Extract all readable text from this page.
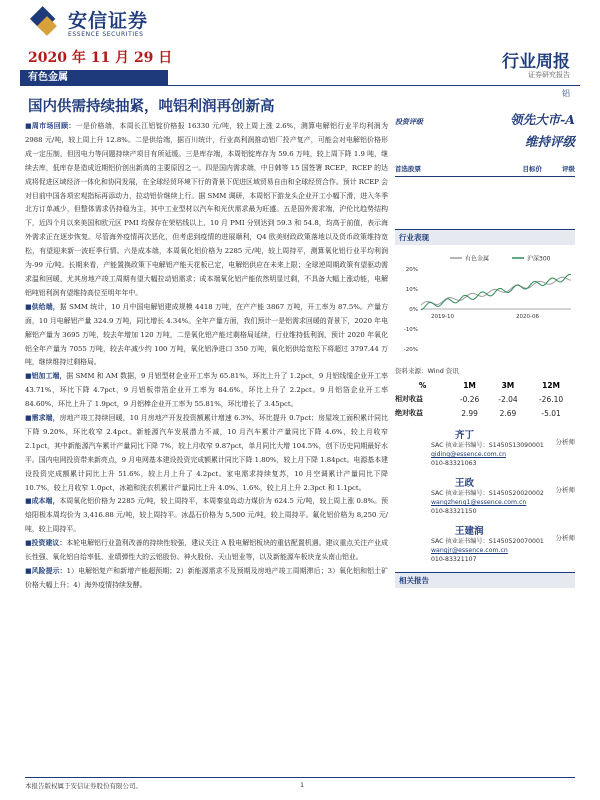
安信证券
ESSENCE SECURITIES
2020 年 11 月 29 日	行业周报
证券研究报告
有色金属
铝
国内供需持续抽紧，吨铝利润再创新高

■周市场回顾：一是价格端，本周长江铝锭价格报 16330 元/吨，较上周上涨 2.6%，测算电解铝行业平均利润为 2988 元/吨，较上周上升 12.8%。二是供给端，据百川统计，行业高利润推动铝厂投产复产，可能会对电解铝价格形成一定压制，但因电力等问题持续产项目有所延缓。三是库存端，本周铝锭库存为 59.6 万吨，较上周下降 1.9 吨，继续去库，低库存是造成近期铝价创出新高的主要原因之一。四是国内需求端，中日韩等 15 国签署 RCEP，RCEP 的达成将促进区域经济一体化和协同发展，在全球经贸环境下行的背景下促进区域贸易自由和全球经贸合作。预计 RCEP 会对目前中国各项宏观指标再添动力，拉动铝价继续上行。据 SMM 调研，本周铝下游龙头企业开工小幅下滑，进入冬季北方订单减少，但整体需求仍持稳为主，其中工业型材以汽车和光伏需求最为旺盛。五是国外需求端，沪伦比趋势结构下，近四个月以来美国和欧元区 PMI 均保存在荣枯线以上，10 月 PMI 分别达到 59.3 和 54.8，均高于前值，表示海外需求正在逐步恢复。尽管海外疫情再次恶化，但考虑到疫情的进展顺利，Q4 欧美财政政策落地以及货币政策维持宽松，有望迎来新一波旺季行情。六是成本端，本周氧化铝价格为 2285 元/吨，较上周持平，测算氧化铝行业平均利润为-99 元/吨。长期来看，产能置换政策下电解铝产能天花板已定，电解铝供应在未来上限；全球逆周期政策有望驱动需求温和回暖，尤其房地产竣工周期有望大幅拉动铝需求；成本端氧化铝产能依然明显过剩，不具备大幅上涨动能，电解铝吨铝利润有望维持高位至明年年中。

■供给端，据 SMM 统计，10 月中国电解铝建成规模 4418 万吨，在产产能 3867 万吨，开工率为 87.5%。产量方面，10 月电解铝产量 324.9 万吨，同比增长 4.34%。全年产量方面，我们预计一是铝需求回暖的背景下，2020 年电解铝产量为 3695 万吨，较去年增加 120 万吨，二是氧化铝产能过剩格局延续，行业维持低利润，预计 2020 年氧化铝全年产量为 7055 万吨，较去年减少约 100 万吨，氧化铝净进口 350 万吨，氧化铝供给宽松下将超过 3797.44 万吨，继续维持过剩格局。

■铝加工端，据 SMM 和 AM 数据，9 月铝型材企业开工率为 65.81%，环比上升了 1.2pct，9 月铝线缆企业开工率 43.71%，环比下降 4.7pct，9 月铝板带箔企业开工率为 84.6%，环比上升了 2.2pct。9 月铝箔企业开工率 84.60%，环比上升了 1.9pct，9 月铝棒企业开工率为 55.81%，环比增长了 3.45pct。

■需求端，房地产竣工持续回暖，10 月房地产开发投资额累计增速 6.3%，环比提升 0.7pct；房屋竣工面积累计同比下降 9.20%，环比收窄 2.4pct。新能源汽车发展潜力不减，10 月汽车累计产量同比下降 4.6%，较上月收窄 2.1pct，其中新能源汽车累计产量同比下降 7%，较上月收窄 9.87pct，单月同比大增 104.5%，创下历史同期最好水平。国内电网投资带来新亮点，9 月电网基本建设投资完成额累计同比下降 1.80%，较上月下降 1.84pct。电源基本建设投资完成额累计同比上升 51.6%，较上月上升了 4.2pct。家电需求持续复苏，10 月空调累计产量同比下降 10.7%，较上月收窄 1.0pct，冰箱和洗衣机累计产量同比上升 4.0%、1.6%，较上月上升 2.3pct 和 1.1pct。

■成本端，本周氧化铝价格为 2285 元/吨，较上周持平，本周秦皇岛动力煤价为 624.5 元/吨，较上周上涨 0.8%。预焙阳极本周均价为 3,416.88 元/吨，较上周持平。冰晶石价格为 5,500 元/吨，较上周持平。氟化铝价格为 8,250 元/吨，较上周持平。

■投资建议：本轮电解铝行业盈利改善的持续性较强，建议关注 A 股电解铝板块的重估配置机遇。建议重点关注产业成长性强、氧化铝自给率低、业绩弹性大的云铝股份、神火股份、天山铝业等，以及新能源车板块龙头南山铝业。

■风险提示：1）电解铝复产和新增产能超预期；2）新能源需求不及预期及房地产竣工周期滞后；3）氧化铝和铝土矿价格大幅上升；4）海外疫情持续发酵。

投资评级	领先大市-A
维持评级
首选股票	目标价	评级
行业表现
有色金属	沪深300
20%
10%
0%
-10%
-20%
2019-10	2020-06
资料来源：Wind 资讯
%	1M	3M	12M
相对收益	-0.26	-2.04	-26.10
绝对收益	2.99	2.69	-5.01
齐丁
分析师
SAC 执业证书编号：S1450513090001
qiding@essence.com.cn
010-83321063
王政
分析师
SAC 执业证书编号：S1450520020002
wangzheng1@essence.com.cn
010-83321150
王建润
分析师
SAC 执业证书编号：S1450520070001
wangjr@essence.com.cn
010-83321107
相关报告
本报告版权属于安信证券股份有限公司。	1
